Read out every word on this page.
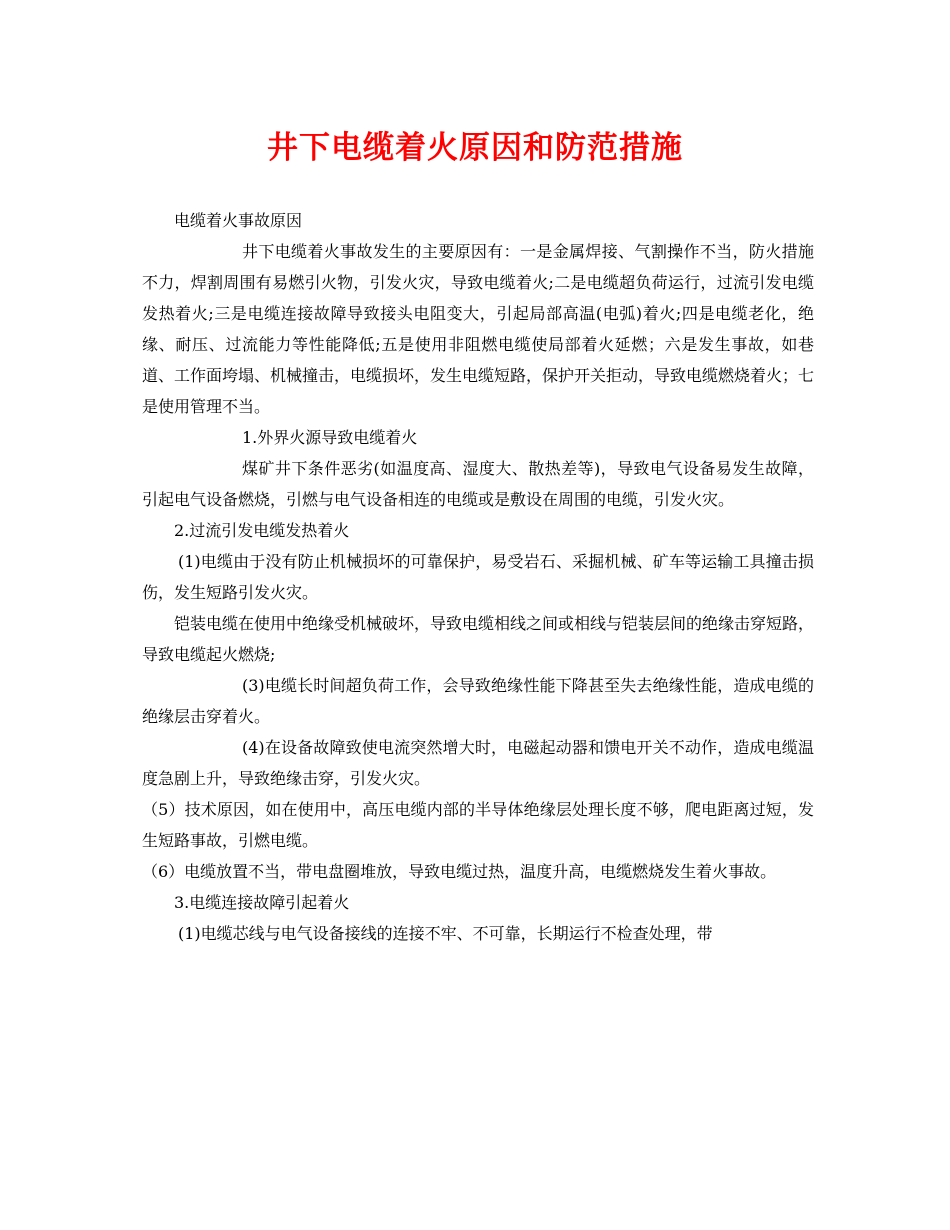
井下电缆着火原因和防范措施

电缆着火事故原因

井下电缆着火事故发生的主要原因有：一是金属焊接、气割操作不当，防火措施不力，焊割周围有易燃引火物，引发火灾，导致电缆着火;二是电缆超负荷运行，过流引发电缆发热着火;三是电缆连接故障导致接头电阻变大，引起局部高温(电弧)着火;四是电缆老化，绝缘、耐压、过流能力等性能降低;五是使用非阻燃电缆使局部着火延燃；六是发生事故，如巷道、工作面垮塌、机械撞击，电缆损坏，发生电缆短路，保护开关拒动，导致电缆燃烧着火；七是使用管理不当。

1.外界火源导致电缆着火

煤矿井下条件恶劣(如温度高、湿度大、散热差等)，导致电气设备易发生故障，引起电气设备燃烧，引燃与电气设备相连的电缆或是敷设在周围的电缆，引发火灾。

2.过流引发电缆发热着火

(1)电缆由于没有防止机械损坏的可靠保护，易受岩石、采掘机械、矿车等运输工具撞击损伤，发生短路引发火灾。

铠装电缆在使用中绝缘受机械破坏，导致电缆相线之间或相线与铠装层间的绝缘击穿短路，导致电缆起火燃烧;

(3)电缆长时间超负荷工作，会导致绝缘性能下降甚至失去绝缘性能，造成电缆的绝缘层击穿着火。

(4)在设备故障致使电流突然增大时，电磁起动器和馈电开关不动作，造成电缆温度急剧上升，导致绝缘击穿，引发火灾。

（5）技术原因，如在使用中，高压电缆内部的半导体绝缘层处理长度不够，爬电距离过短，发生短路事故，引燃电缆。

（6）电缆放置不当，带电盘圈堆放，导致电缆过热，温度升高，电缆燃烧发生着火事故。

3.电缆连接故障引起着火

(1)电缆芯线与电气设备接线的连接不牢、不可靠，长期运行不检查处理，带
